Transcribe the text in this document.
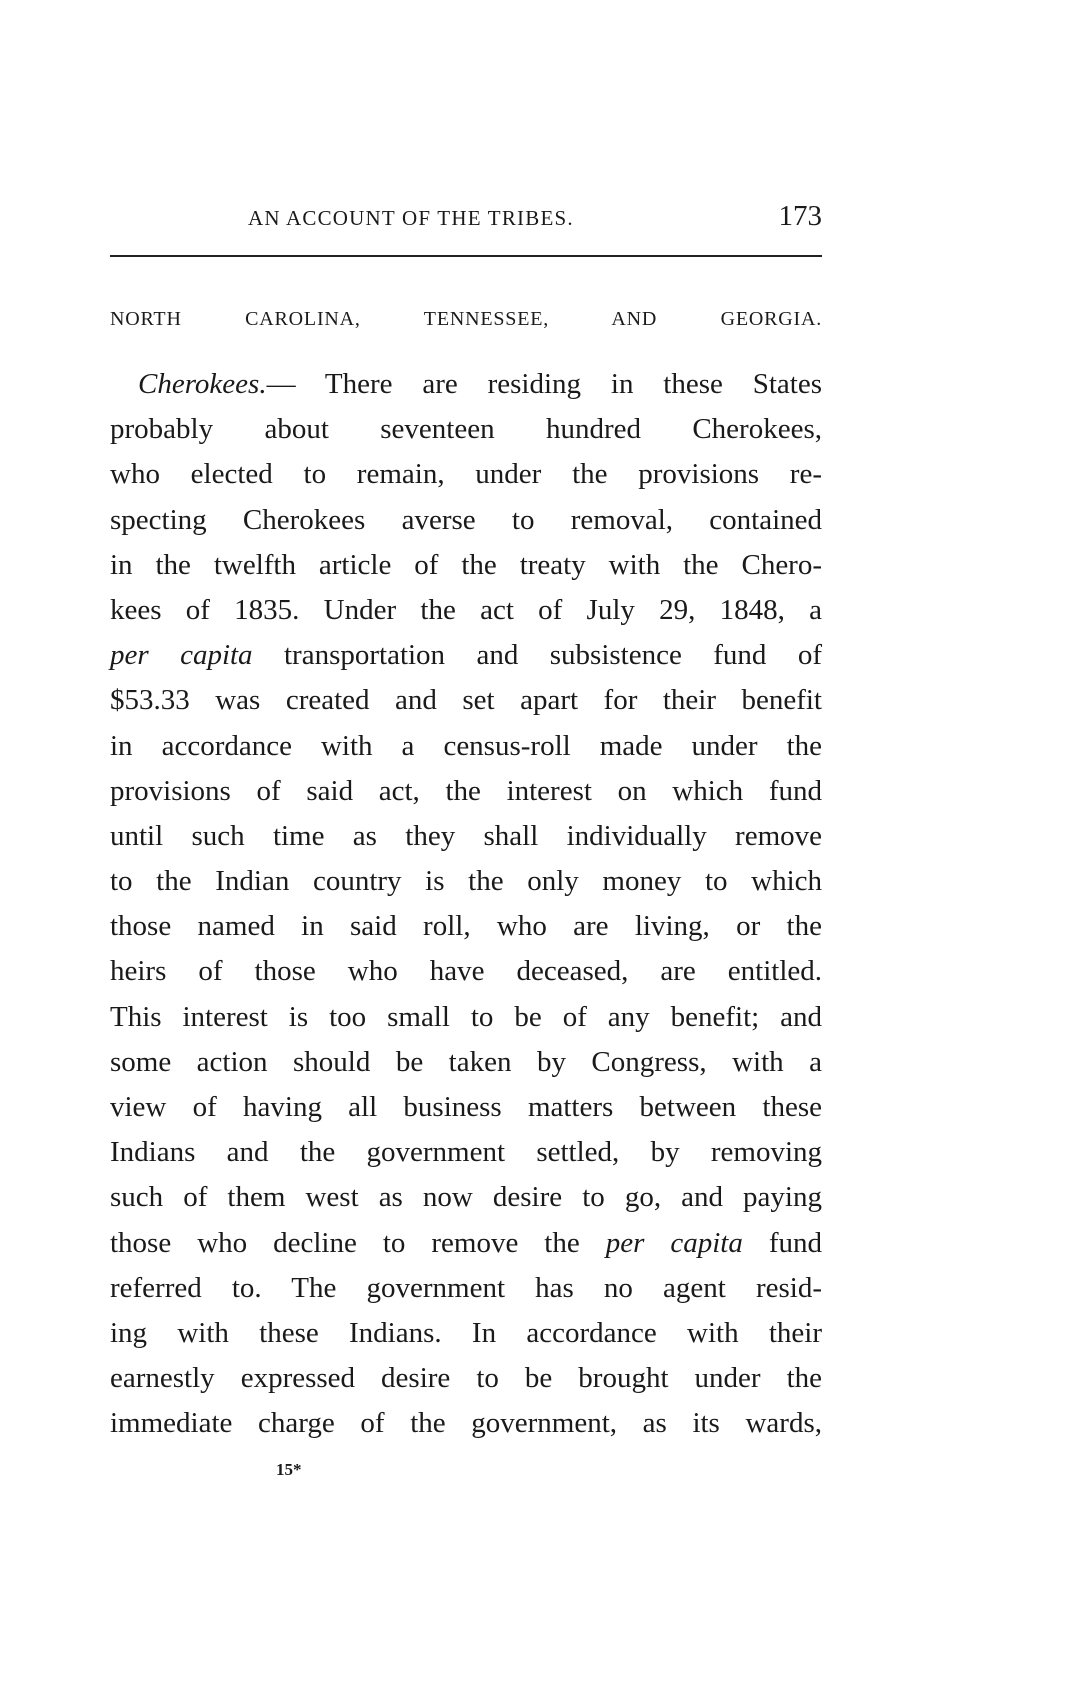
AN ACCOUNT OF THE TRIBES.	173
NORTH CAROLINA, TENNESSEE, AND GEORGIA.
Cherokees.— There are residing in these States
probably about seventeen hundred Cherokees,
who elected to remain, under the provisions re-
specting Cherokees averse to removal, contained
in the twelfth article of the treaty with the Chero-
kees of 1835. Under the act of July 29, 1848, a
per capita transportation and subsistence fund of
$53.33 was created and set apart for their benefit
in accordance with a census-roll made under the
provisions of said act, the interest on which fund
until such time as they shall individually remove
to the Indian country is the only money to which
those named in said roll, who are living, or the
heirs of those who have deceased, are entitled.
This interest is too small to be of any benefit; and
some action should be taken by Congress, with a
view of having all business matters between these
Indians and the government settled, by removing
such of them west as now desire to go, and paying
those who decline to remove the per capita fund
referred to. The government has no agent resid-
ing with these Indians. In accordance with their
earnestly expressed desire to be brought under the
immediate charge of the government, as its wards,
15*
